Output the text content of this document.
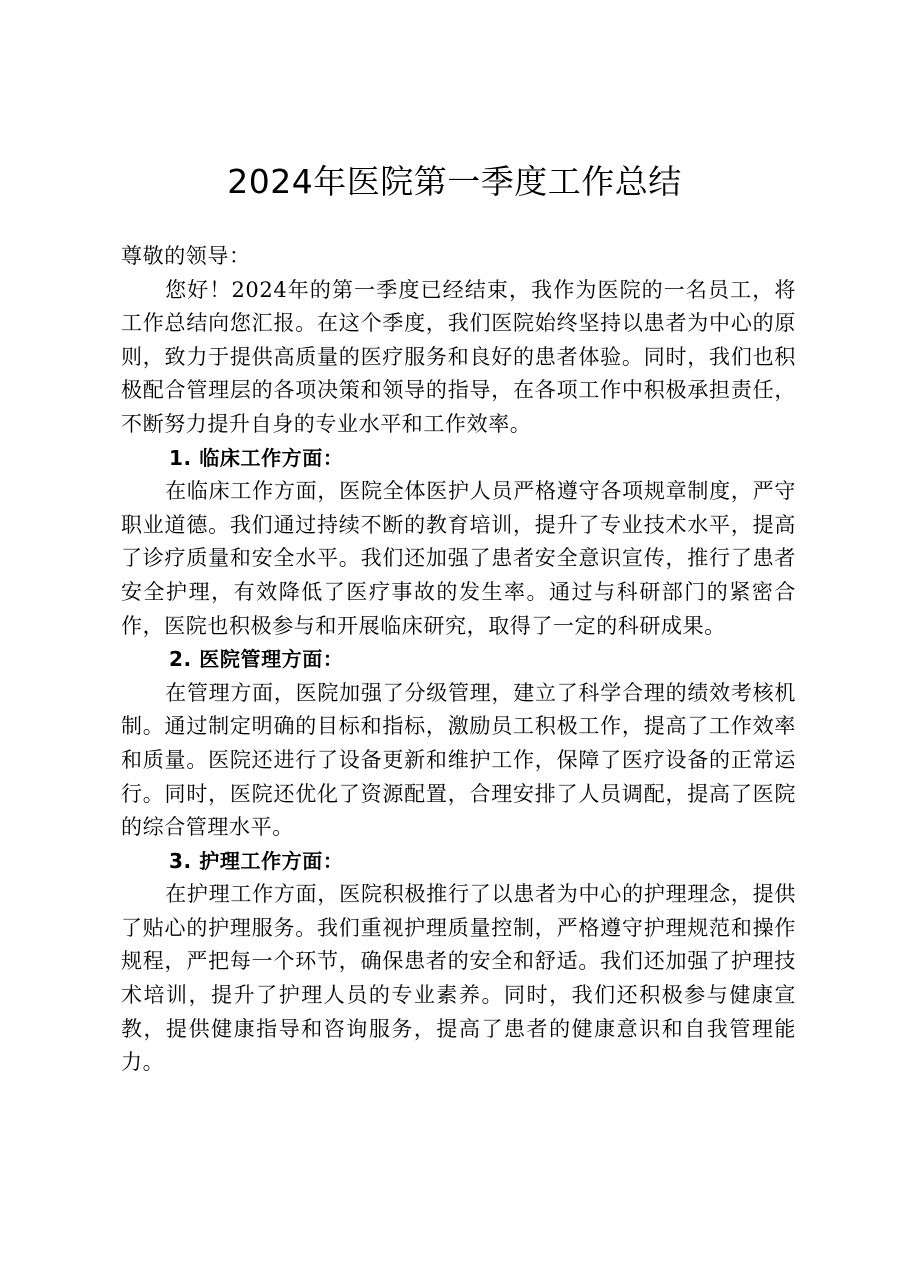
2024年医院第一季度工作总结

尊敬的领导：

您好！2024年的第一季度已经结束，我作为医院的一名员工，将工作总结向您汇报。在这个季度，我们医院始终坚持以患者为中心的原则，致力于提供高质量的医疗服务和良好的患者体验。同时，我们也积极配合管理层的各项决策和领导的指导，在各项工作中积极承担责任，不断努力提升自身的专业水平和工作效率。

1. 临床工作方面：

在临床工作方面，医院全体医护人员严格遵守各项规章制度，严守职业道德。我们通过持续不断的教育培训，提升了专业技术水平，提高了诊疗质量和安全水平。我们还加强了患者安全意识宣传，推行了患者安全护理，有效降低了医疗事故的发生率。通过与科研部门的紧密合作，医院也积极参与和开展临床研究，取得了一定的科研成果。

2. 医院管理方面：

在管理方面，医院加强了分级管理，建立了科学合理的绩效考核机制。通过制定明确的目标和指标，激励员工积极工作，提高了工作效率和质量。医院还进行了设备更新和维护工作，保障了医疗设备的正常运行。同时，医院还优化了资源配置，合理安排了人员调配，提高了医院的综合管理水平。

3. 护理工作方面：

在护理工作方面，医院积极推行了以患者为中心的护理理念，提供了贴心的护理服务。我们重视护理质量控制，严格遵守护理规范和操作规程，严把每一个环节，确保患者的安全和舒适。我们还加强了护理技术培训，提升了护理人员的专业素养。同时，我们还积极参与健康宣教，提供健康指导和咨询服务，提高了患者的健康意识和自我管理能力。
